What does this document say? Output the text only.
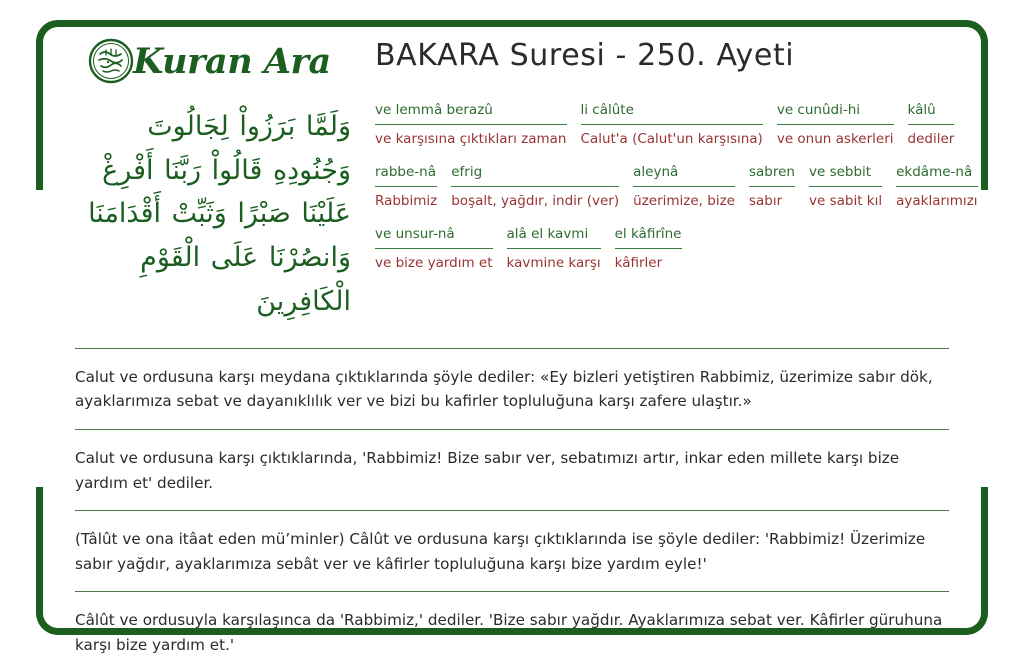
Kuran Ara
وَلَمَّا بَرَزُواْ لِجَالُوتَ
وَجُنُودِهِ قَالُواْ رَبَّنَا أَفْرِغْ
عَلَيْنَا صَبْرًا وَثَبِّتْ أَقْدَامَنَا
وَانصُرْنَا عَلَى الْقَوْمِ
الْكَافِرِينَ
BAKARA Suresi - 250. Ayeti
ve lemmâ berazû
ve karşısına çıktıkları zaman
li câlûte
Calut'a (Calut'un karşısına)
ve cunûdi-hi
ve onun askerleri
kâlû
dediler
rabbe-nâ
Rabbimiz
efrig
boşalt, yağdır, indir (ver)
aleynâ
üzerimize, bize
sabren
sabır
ve sebbit
ve sabit kıl
ekdâme-nâ
ayaklarımızı
ve unsur-nâ
ve bize yardım et
alâ el kavmi
kavmine karşı
el kâfirîne
kâfirler
Calut ve ordusuna karşı meydana çıktıklarında şöyle dediler: «Ey bizleri yetiştiren Rabbimiz, üzerimize sabır dök, ayaklarımıza sebat ve dayanıklılık ver ve bizi bu kafirler topluluğuna karşı zafere ulaştır.»
Calut ve ordusuna karşı çıktıklarında, 'Rabbimiz! Bize sabır ver, sebatımızı artır, inkar eden millete karşı bize yardım et' dediler.
(Tâlût ve ona itâat eden mü’minler) Câlût ve ordusuna karşı çıktıklarında ise şöyle dediler: 'Rabbimiz! Üzerimize sabır yağdır, ayaklarımıza sebât ver ve kâfirler topluluğuna karşı bize yardım eyle!'
Câlût ve ordusuyla karşılaşınca da 'Rabbimiz,' dediler. 'Bize sabır yağdır. Ayaklarımıza sebat ver. Kâfirler güruhuna karşı bize yardım et.'
